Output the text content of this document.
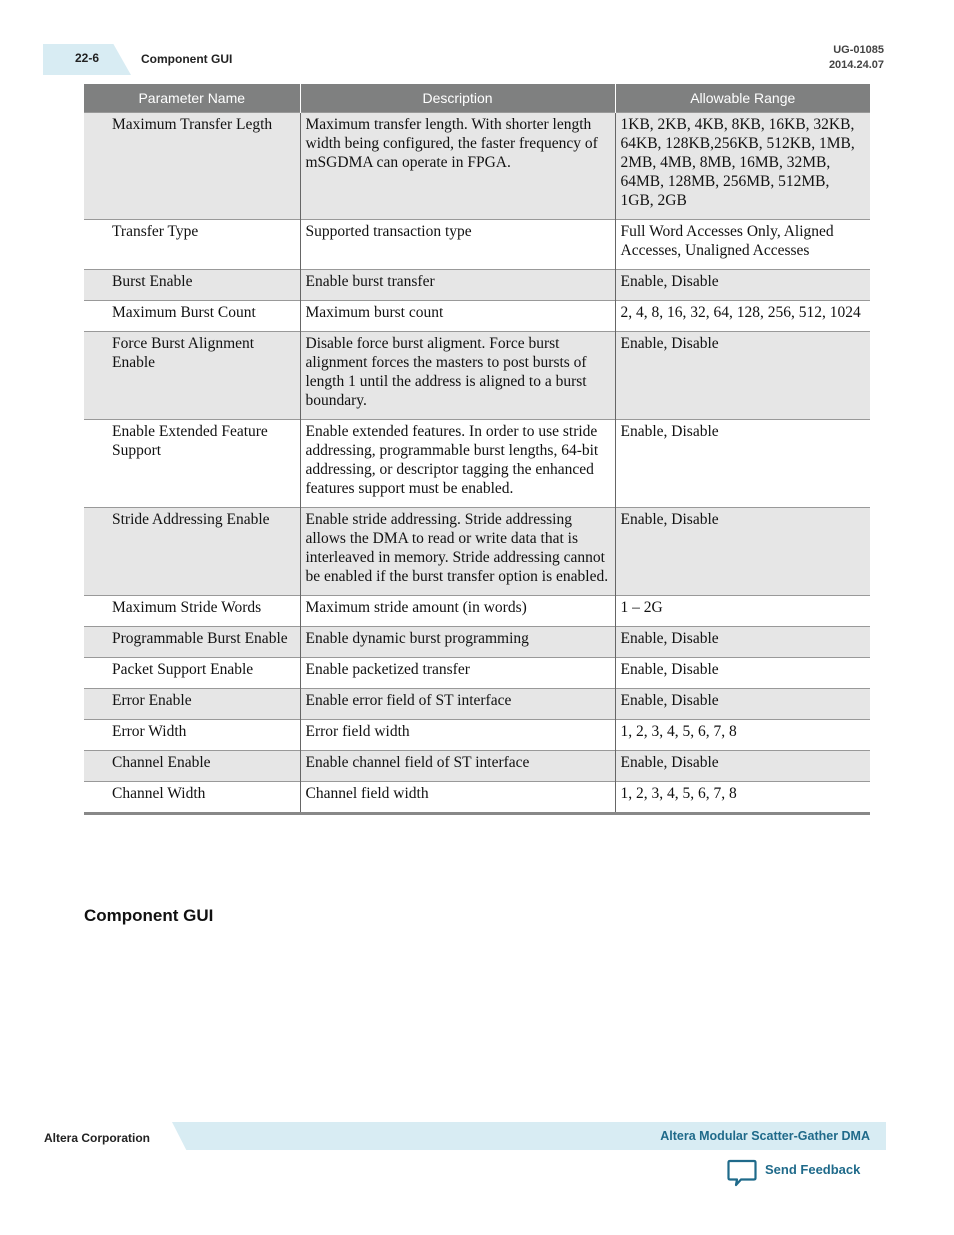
22-6	Component GUI
UG-01085
2014.24.07
Parameter Name	Description	Allowable Range
Maximum Transfer Legth	Maximum transfer length. With shorter length width being configured, the faster frequency of mSGDMA can operate in FPGA.	1KB, 2KB, 4KB, 8KB, 16KB, 32KB, 64KB, 128KB,256KB, 512KB, 1MB, 2MB, 4MB, 8MB, 16MB, 32MB, 64MB, 128MB, 256MB, 512MB, 1GB, 2GB
Transfer Type	Supported transaction type	Full Word Accesses Only, Aligned Accesses, Unaligned Accesses
Burst Enable	Enable burst transfer	Enable, Disable
Maximum Burst Count	Maximum burst count	2, 4, 8, 16, 32, 64, 128, 256, 512, 1024
Force Burst Alignment Enable	Disable force burst aligment. Force burst alignment forces the masters to post bursts of length 1 until the address is aligned to a burst boundary.	Enable, Disable
Enable Extended Feature Support	Enable extended features. In order to use stride addressing, programmable burst lengths, 64-bit addressing, or descriptor tagging the enhanced features support must be enabled.	Enable, Disable
Stride Addressing Enable	Enable stride addressing. Stride addressing allows the DMA to read or write data that is interleaved in memory. Stride addressing cannot be enabled if the burst transfer option is enabled.	Enable, Disable
Maximum Stride Words	Maximum stride amount (in words)	1 – 2G
Programmable Burst Enable	Enable dynamic burst programming	Enable, Disable
Packet Support Enable	Enable packetized transfer	Enable, Disable
Error Enable	Enable error field of ST interface	Enable, Disable
Error Width	Error field width	1, 2, 3, 4, 5, 6, 7, 8
Channel Enable	Enable channel field of ST interface	Enable, Disable
Channel Width	Channel field width	1, 2, 3, 4, 5, 6, 7, 8
Component GUI
Altera Corporation	Altera Modular Scatter-Gather DMA
Send Feedback
